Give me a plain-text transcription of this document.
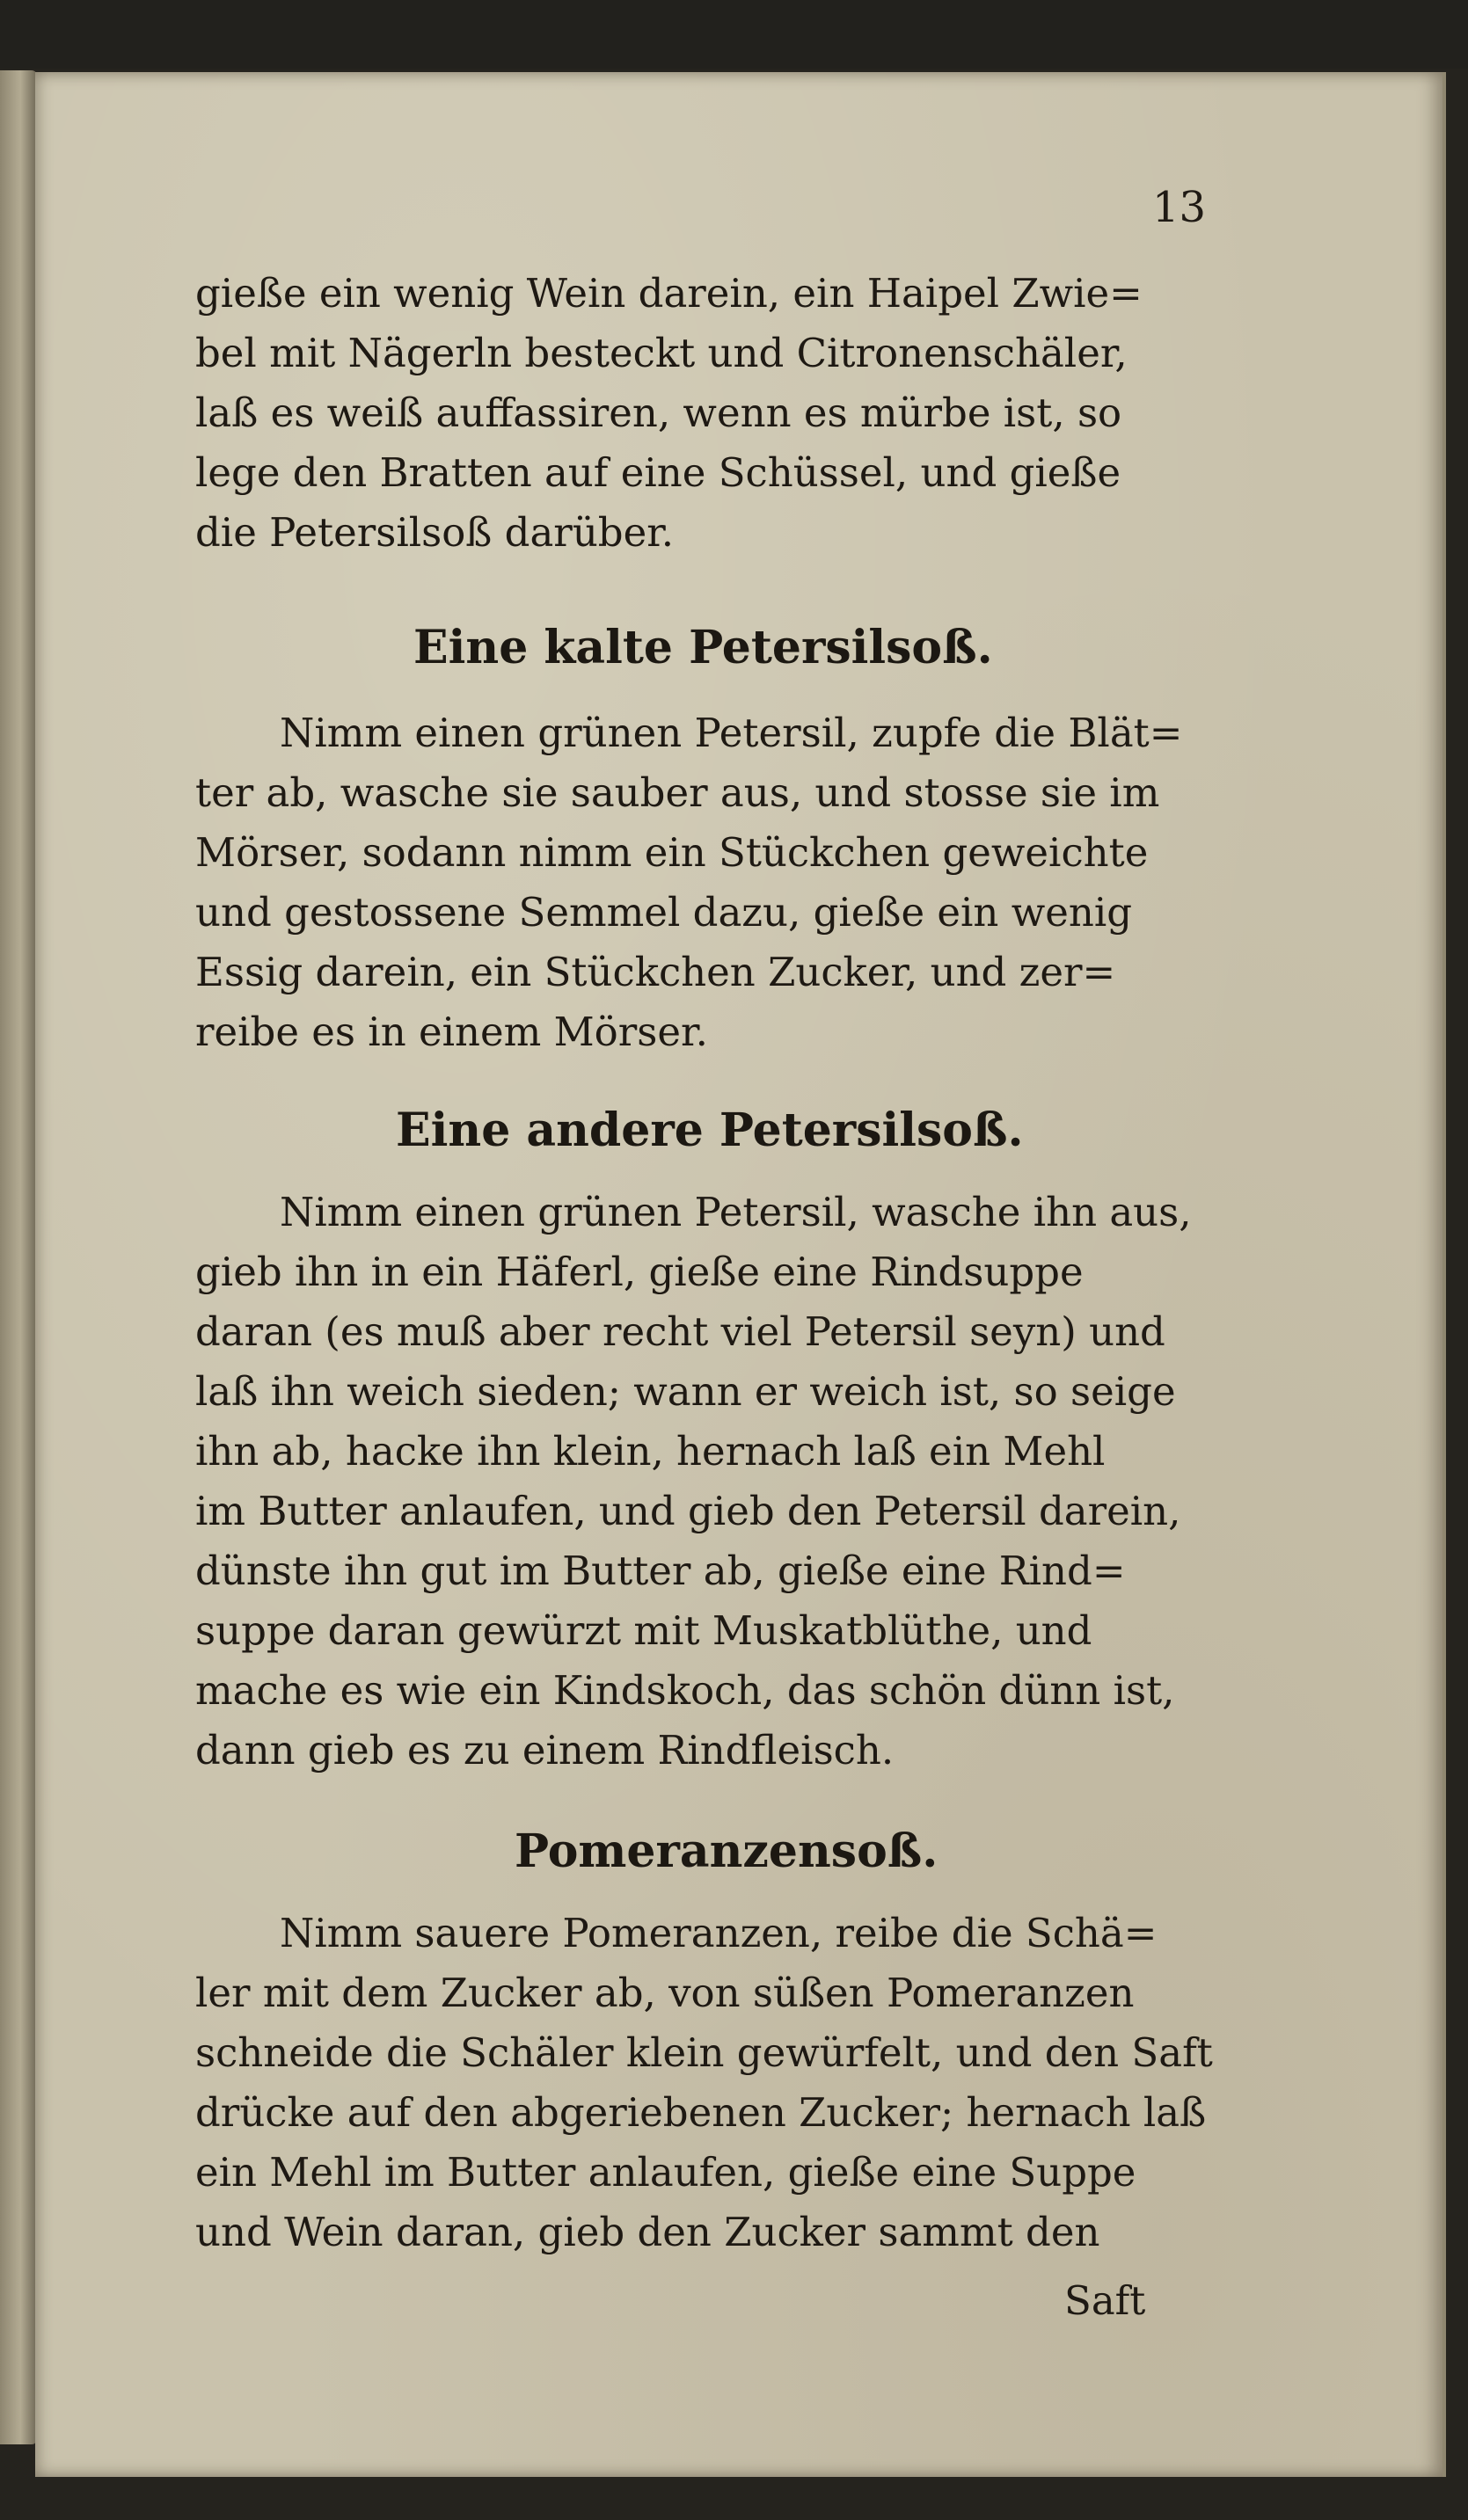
13

gieße ein wenig Wein darein, ein Haipel Zwie=
bel mit Nägerln besteckt und Citronenschäler,
laß es weiß auffassiren, wenn es mürbe ist, so
lege den Bratten auf eine Schüssel, und gieße
die Petersilsoß darüber.

Eine kalte Petersilsoß.

Nimm einen grünen Petersil, zupfe die Blät=
ter ab, wasche sie sauber aus, und stosse sie im
Mörser, sodann nimm ein Stückchen geweichte
und gestossene Semmel dazu, gieße ein wenig
Essig darein, ein Stückchen Zucker, und zer=
reibe es in einem Mörser.

Eine andere Petersilsoß.

Nimm einen grünen Petersil, wasche ihn aus,
gieb ihn in ein Häferl, gieße eine Rindsuppe
daran (es muß aber recht viel Petersil seyn) und
laß ihn weich sieden; wann er weich ist, so seige
ihn ab, hacke ihn klein, hernach laß ein Mehl
im Butter anlaufen, und gieb den Petersil darein,
dünste ihn gut im Butter ab, gieße eine Rind=
suppe daran gewürzt mit Muskatblüthe, und
mache es wie ein Kindskoch, das schön dünn ist,
dann gieb es zu einem Rindfleisch.

Pomeranzensoß.

Nimm sauere Pomeranzen, reibe die Schä=
ler mit dem Zucker ab, von süßen Pomeranzen
schneide die Schäler klein gewürfelt, und den Saft
drücke auf den abgeriebenen Zucker; hernach laß
ein Mehl im Butter anlaufen, gieße eine Suppe
und Wein daran, gieb den Zucker sammt den

Saft
